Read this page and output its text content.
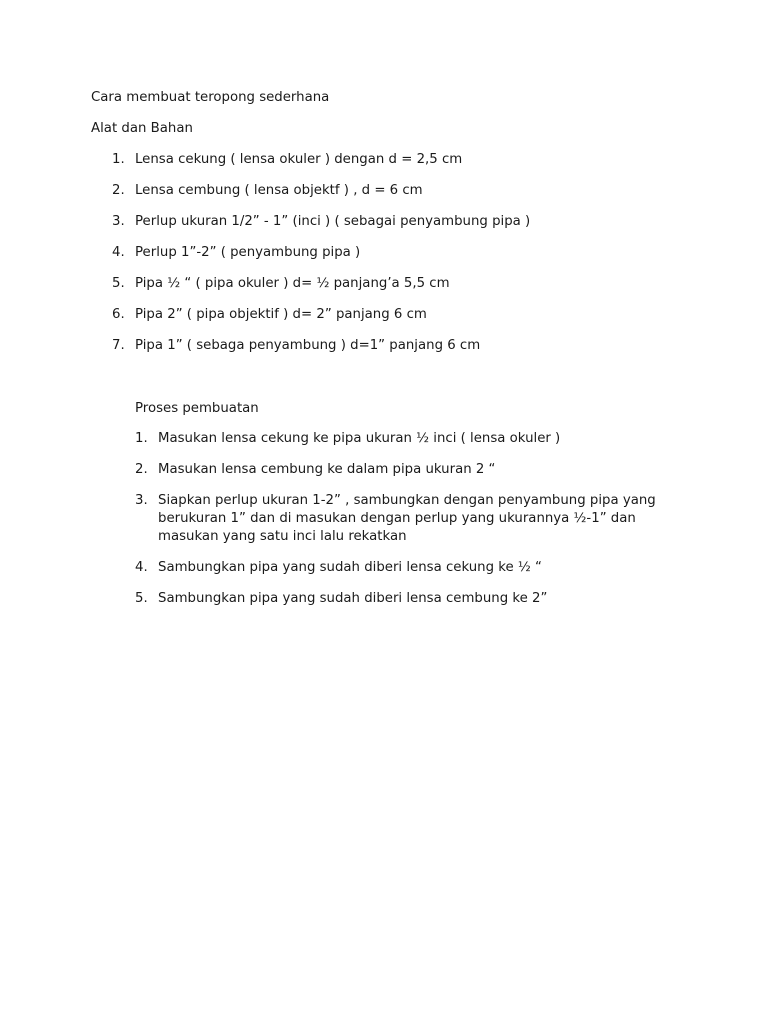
Cara membuat teropong sederhana
Alat dan Bahan
1. Lensa cekung ( lensa okuler ) dengan d = 2,5 cm
2. Lensa cembung ( lensa objektf ) , d = 6 cm
3. Perlup ukuran 1/2” - 1” (inci ) ( sebagai penyambung pipa )
4. Perlup 1”-2” ( penyambung pipa )
5. Pipa ½ “ ( pipa okuler ) d= ½ panjang’a 5,5 cm
6. Pipa 2” ( pipa objektif ) d= 2” panjang 6 cm
7. Pipa 1” ( sebaga penyambung ) d=1” panjang 6 cm
Proses pembuatan
1. Masukan lensa cekung ke pipa ukuran ½ inci ( lensa okuler )
2. Masukan lensa cembung ke dalam pipa ukuran 2 “
3. Siapkan perlup ukuran 1-2” , sambungkan dengan penyambung pipa yang berukuran 1” dan di masukan dengan perlup yang ukurannya ½-1” dan masukan yang satu inci lalu rekatkan
4. Sambungkan pipa yang sudah diberi lensa cekung ke ½ “
5. Sambungkan pipa yang sudah diberi lensa cembung ke 2”
